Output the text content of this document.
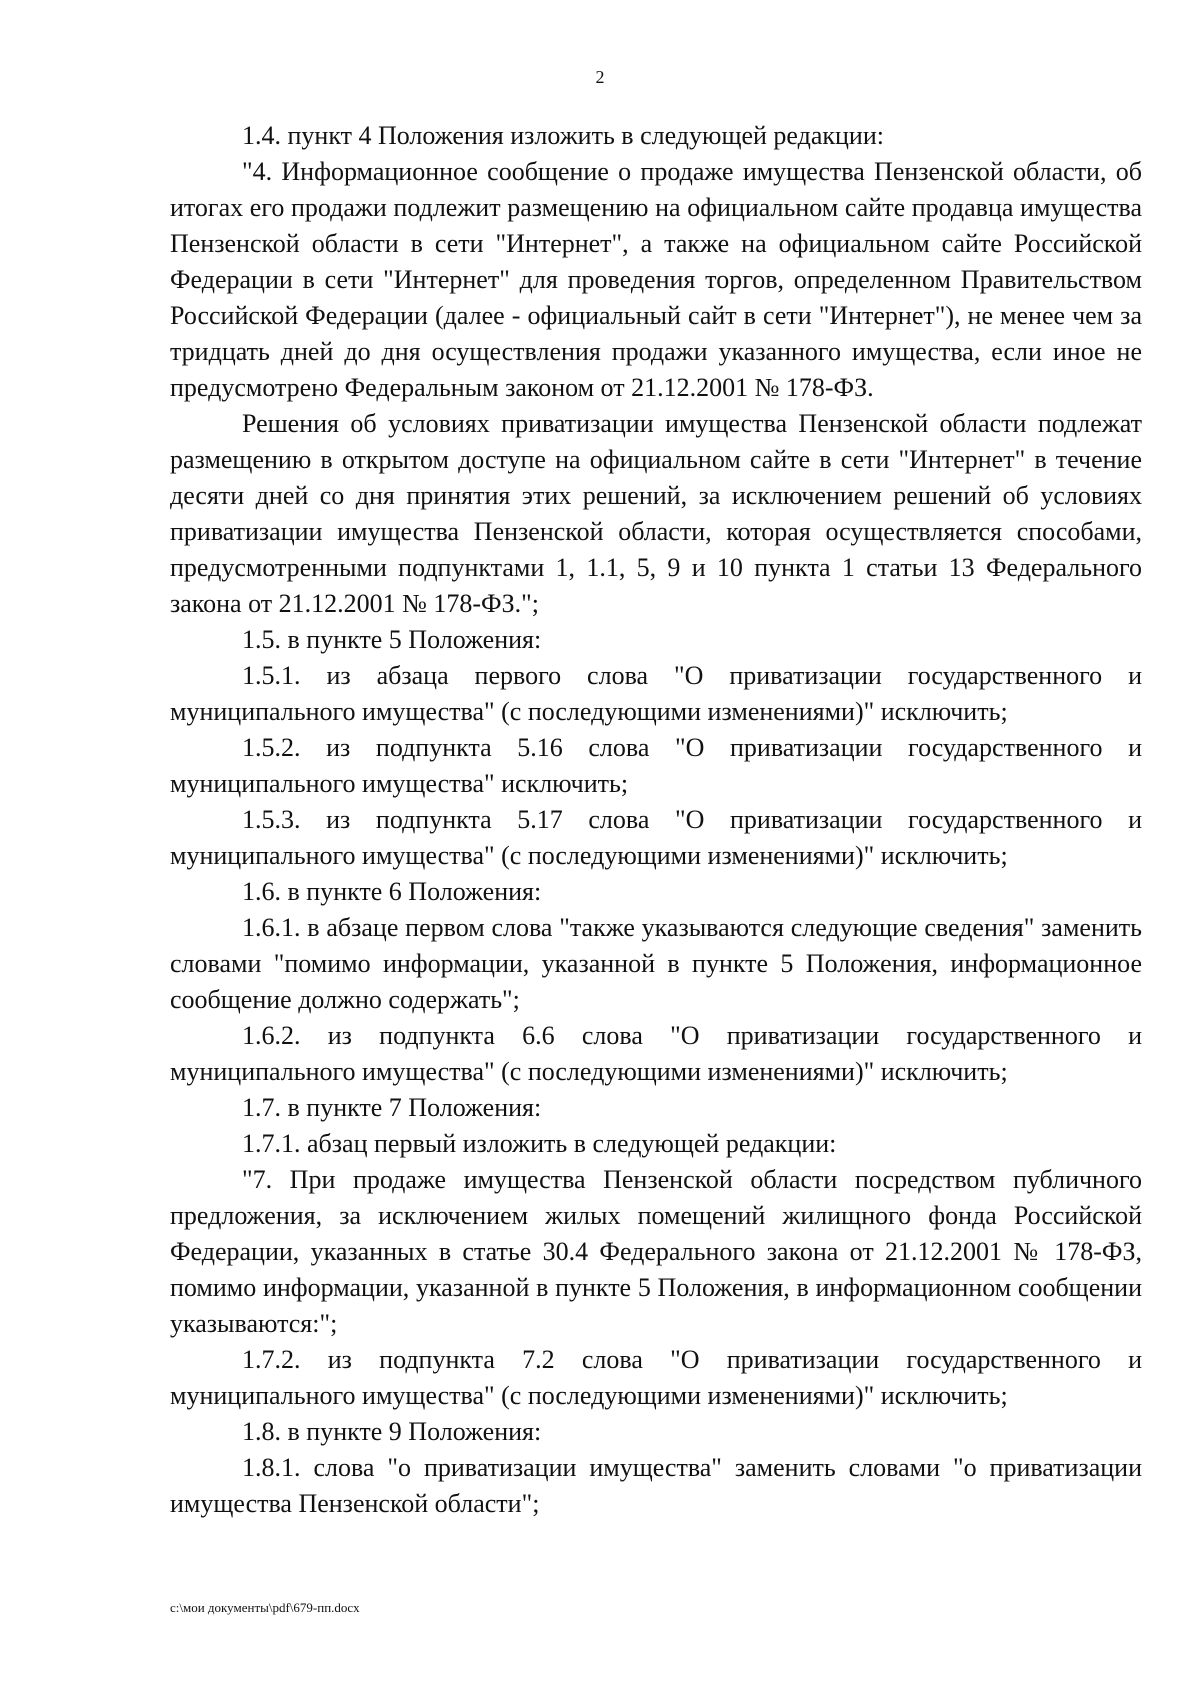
2

1.4. пункт 4 Положения изложить в следующей редакции:

"4. Информационное сообщение о продаже имущества Пензенской области, об итогах его продажи подлежит размещению на официальном сайте продавца имущества Пензенской области в сети "Интернет", а также на официальном сайте Российской Федерации в сети "Интернет" для проведения торгов, определенном Правительством Российской Федерации (далее - официальный сайт в сети "Интернет"), не менее чем за тридцать дней до дня осуществления продажи указанного имущества, если иное не предусмотрено Федеральным законом от 21.12.2001 № 178-ФЗ.

Решения об условиях приватизации имущества Пензенской области подлежат размещению в открытом доступе на официальном сайте в сети "Интернет" в течение десяти дней со дня принятия этих решений, за исключением решений об условиях приватизации имущества Пензенской области, которая осуществляется способами, предусмотренными подпунктами 1, 1.1, 5, 9 и 10 пункта 1 статьи 13 Федерального закона от 21.12.2001 № 178-ФЗ.";

1.5. в пункте 5 Положения:

1.5.1. из абзаца первого слова "О приватизации государственного и муниципального имущества" (с последующими изменениями)" исключить;

1.5.2. из подпункта 5.16 слова "О приватизации государственного и муниципального имущества" исключить;

1.5.3. из подпункта 5.17 слова "О приватизации государственного и муниципального имущества" (с последующими изменениями)" исключить;

1.6. в пункте 6 Положения:

1.6.1. в абзаце первом слова "также указываются следующие сведения" заменить словами "помимо информации, указанной в пункте 5 Положения, информационное сообщение должно содержать";

1.6.2. из подпункта 6.6 слова "О приватизации государственного и муниципального имущества" (с последующими изменениями)" исключить;

1.7. в пункте 7 Положения:

1.7.1. абзац первый изложить в следующей редакции:

"7. При продаже имущества Пензенской области посредством публичного предложения, за исключением жилых помещений жилищного фонда Российской Федерации, указанных в статье 30.4 Федерального закона от 21.12.2001 № 178-ФЗ, помимо информации, указанной в пункте 5 Положения, в информационном сообщении указываются:";

1.7.2. из подпункта 7.2 слова "О приватизации государственного и муниципального имущества" (с последующими изменениями)" исключить;

1.8. в пункте 9 Положения:

1.8.1. слова "о приватизации имущества" заменить словами "о приватизации имущества Пензенской области";

c:\мои документы\pdf\679-пп.docx
